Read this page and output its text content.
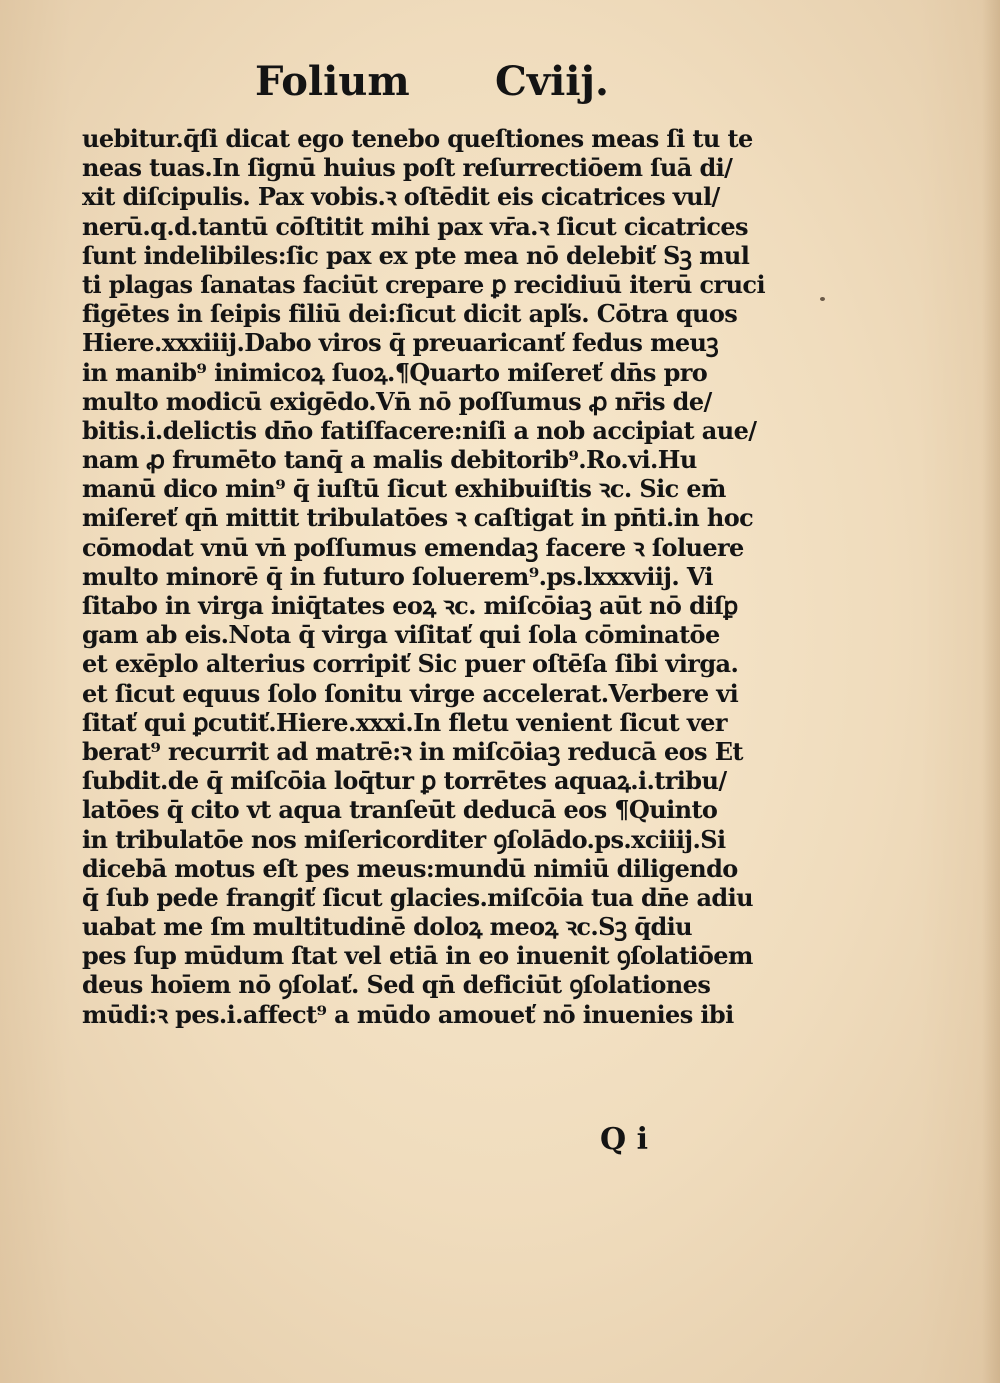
Folium Cviij.
uebitur.q̄ſi dicat ego tenebo queſtiones meas ſi tu te
neas tuas.In ſignū huius poſt reſurrectiōem ſuā di/
xit diſcipulis. Pax vobis.ꝛ oſtēdit eis cicatrices vul/
nerū.q.d.tantū cōſtitit mihi pax vr̄a.ꝛ ſicut cicatrices
ſunt indelibiles:ſic pax ex pte mea nō delebiť Sꝫ mul
ti plagas ſanatas faciūt crepare ꝑ recidiuū iterū cruci
figētes in ſeipis filiū dei:ſicut dicit apľs. Cōtra quos
Hiere.xxxiiij.Dabo viros q̄ preuaricanť fedus meuꝫ
in manib⁹ inimicoꝝ ſuoꝝ.¶Quarto miſereť dn̄s pro
multo modicū exigēdo.Vn̄ nō poſſumus ꝓ nr̄is de/
bitis.i.delictis dn̄o fatiſfacere:niſi a nob accipiat aue/
nam ꝓ frumēto tanq̄ a malis debitorib⁹.Ro.vi.Hu
manū dico min⁹ q̄ iuſtū ſicut exhibuiſtis ꝛc. Sic em̄
miſereť qn̄ mittit tribulatōes ꝛ caſtigat in pn̄ti.in hoc
cōmodat vnū vn̄ poſſumus emendaꝫ facere ꝛ ſoluere
multo minorē q̄ in futuro ſoluerem⁹.ps.lxxxviij. Vi
ſitabo in virga iniq̄tates eoꝝ ꝛc. miſcōiaꝫ aūt nō diſꝑ
gam ab eis.Nota q̄ virga viſitať qui ſola cōminatōe
et exēplo alterius corripiť Sic puer oſtēſa ſibi virga.
et ſicut equus ſolo ſonitu virge accelerat.Verbere vi
ſitať qui ꝑcutiť.Hiere.xxxi.In fletu venient ſicut ver
berat⁹ recurrit ad matrē:ꝛ in miſcōiaꝫ reducā eos Et
ſubdit.de q̄ miſcōia loq̄tur ꝑ torrētes aquaꝝ.i.tribu/
latōes q̄ cito vt aqua tranſeūt deducā eos ¶Quinto
in tribulatōe nos miſericorditer ꝯſolādo.ps.xciiij.Si
dicebā motus eſt pes meus:mundū nimiū diligendo
q̄ ſub pede frangiť ſicut glacies.miſcōia tua dn̄e adiu
uabat me ſm multitudinē doloꝝ meoꝝ ꝛc.Sꝫ q̄diu
pes ſup mūdum ſtat vel etiā in eo inuenit ꝯſolatiōem
deus hoīem nō ꝯſolať. Sed qn̄ deficiūt ꝯſolationes
mūdi:ꝛ pes.i.affect⁹ a mūdo amoueť nō inuenies ibi
Q i
